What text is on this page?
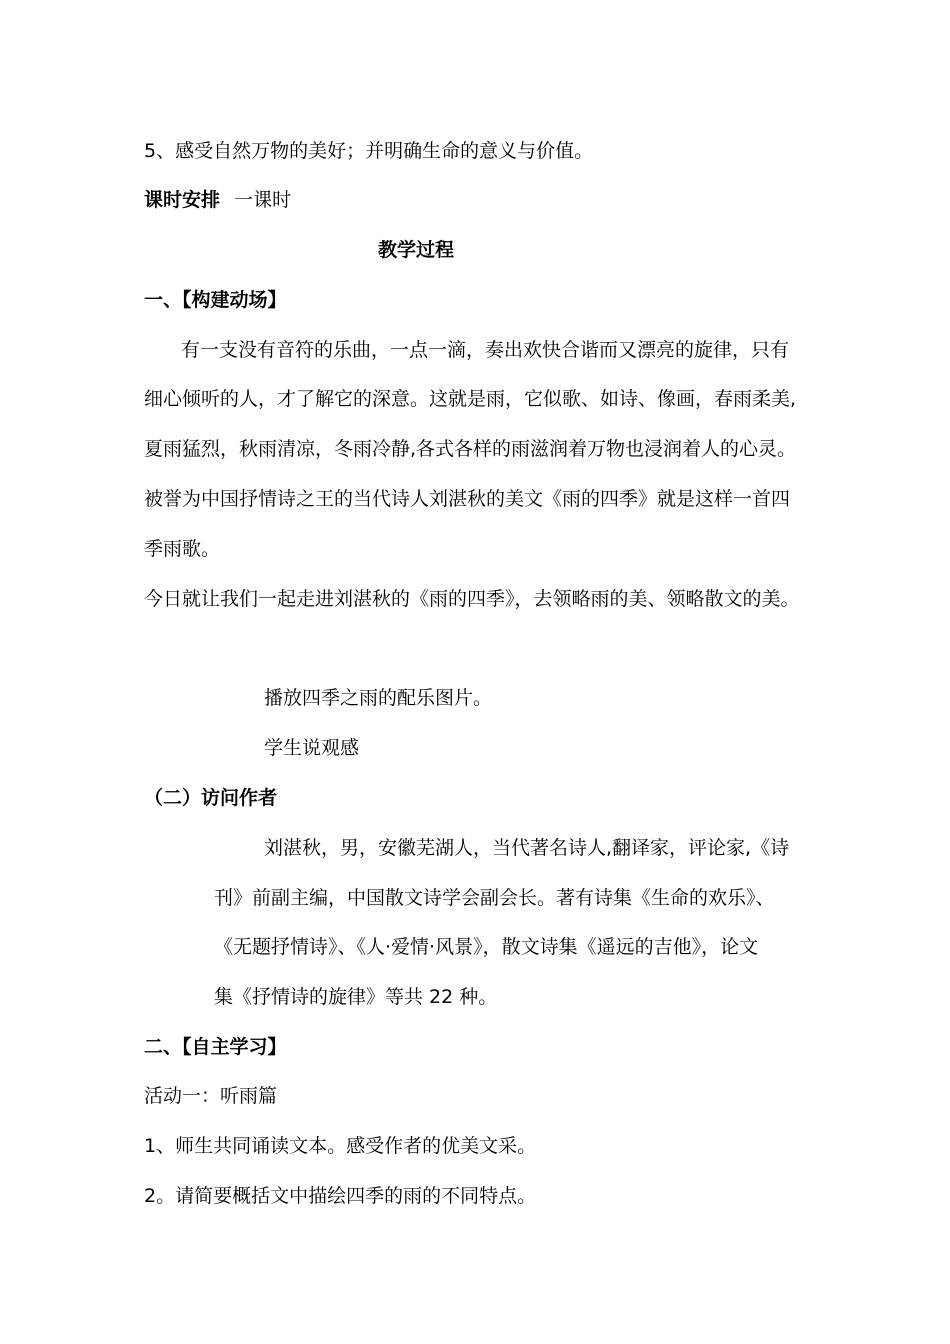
5、感受自然万物的美好；并明确生命的意义与价值。
课时安排 一课时
教学过程
一、【构建动场】
有一支没有音符的乐曲，一点一滴，奏出欢快合谐而又漂亮的旋律，只有
细心倾听的人，才了解它的深意。这就是雨，它似歌、如诗、像画，春雨柔美,
夏雨猛烈，秋雨清凉，冬雨冷静,各式各样的雨滋润着万物也浸润着人的心灵。
被誉为中国抒情诗之王的当代诗人刘湛秋的美文《雨的四季》就是这样一首四
季雨歌。
今日就让我们一起走进刘湛秋的《雨的四季》，去领略雨的美、领略散文的美。
播放四季之雨的配乐图片。
学生说观感
（二）访问作者
刘湛秋，男，安徽芜湖人，当代著名诗人,翻译家，评论家,《诗
刊》前副主编，中国散文诗学会副会长。著有诗集《生命的欢乐》、
《无题抒情诗》、《人·爱情·风景》，散文诗集《遥远的吉他》，论文
集《抒情诗的旋律》等共 22 种。
二、【自主学习】
活动一：听雨篇
1、师生共同诵读文本。感受作者的优美文采。
2。请简要概括文中描绘四季的雨的不同特点。
